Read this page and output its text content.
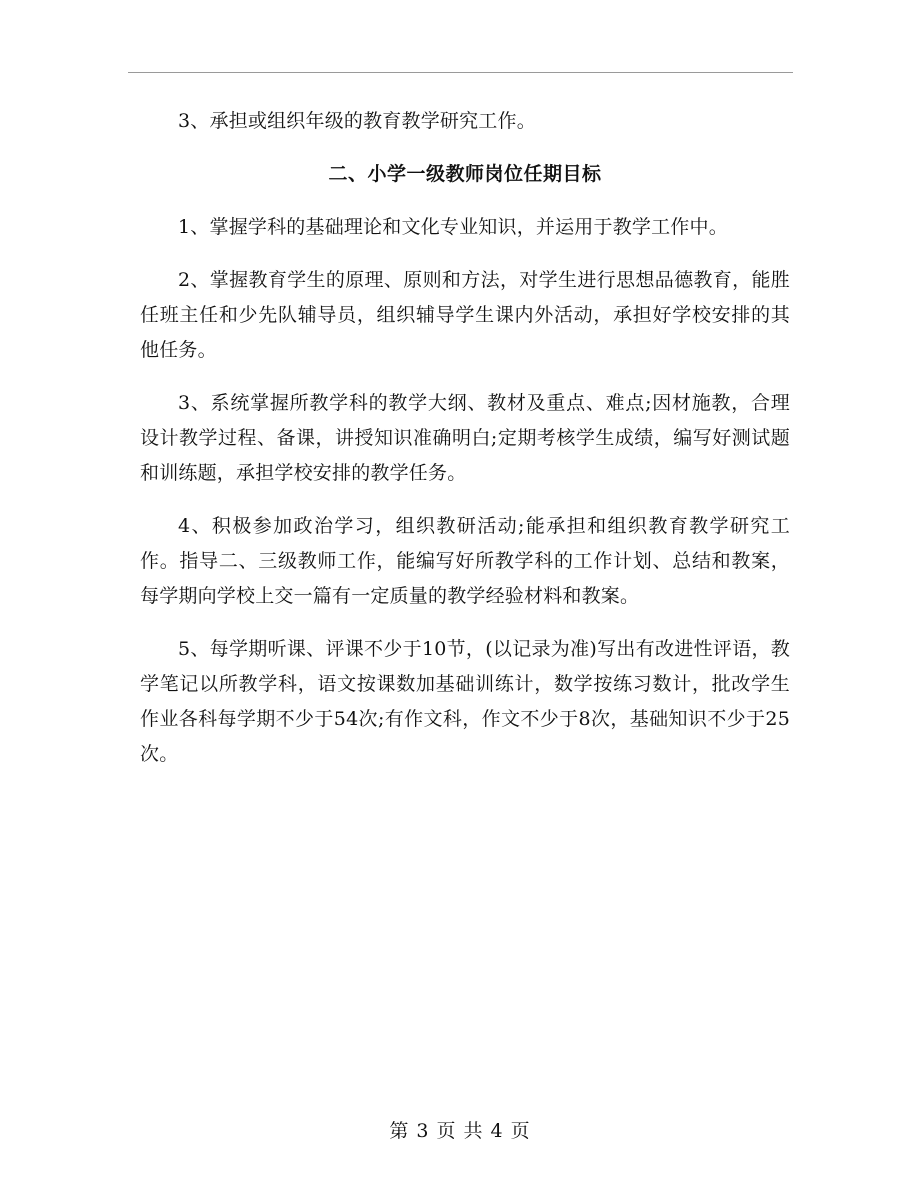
3、承担或组织年级的教育教学研究工作。

二、小学一级教师岗位任期目标

1、掌握学科的基础理论和文化专业知识，并运用于教学工作中。

2、掌握教育学生的原理、原则和方法，对学生进行思想品德教育，能胜任班主任和少先队辅导员，组织辅导学生课内外活动，承担好学校安排的其他任务。

3、系统掌握所教学科的教学大纲、教材及重点、难点;因材施教，合理设计教学过程、备课，讲授知识准确明白;定期考核学生成绩，编写好测试题和训练题，承担学校安排的教学任务。

4、积极参加政治学习，组织教研活动;能承担和组织教育教学研究工作。指导二、三级教师工作，能编写好所教学科的工作计划、总结和教案，每学期向学校上交一篇有一定质量的教学经验材料和教案。

5、每学期听课、评课不少于10节，(以记录为准)写出有改进性评语，教学笔记以所教学科，语文按课数加基础训练计，数学按练习数计，批改学生作业各科每学期不少于54次;有作文科，作文不少于8次，基础知识不少于25次。

第 3 页 共 4 页
